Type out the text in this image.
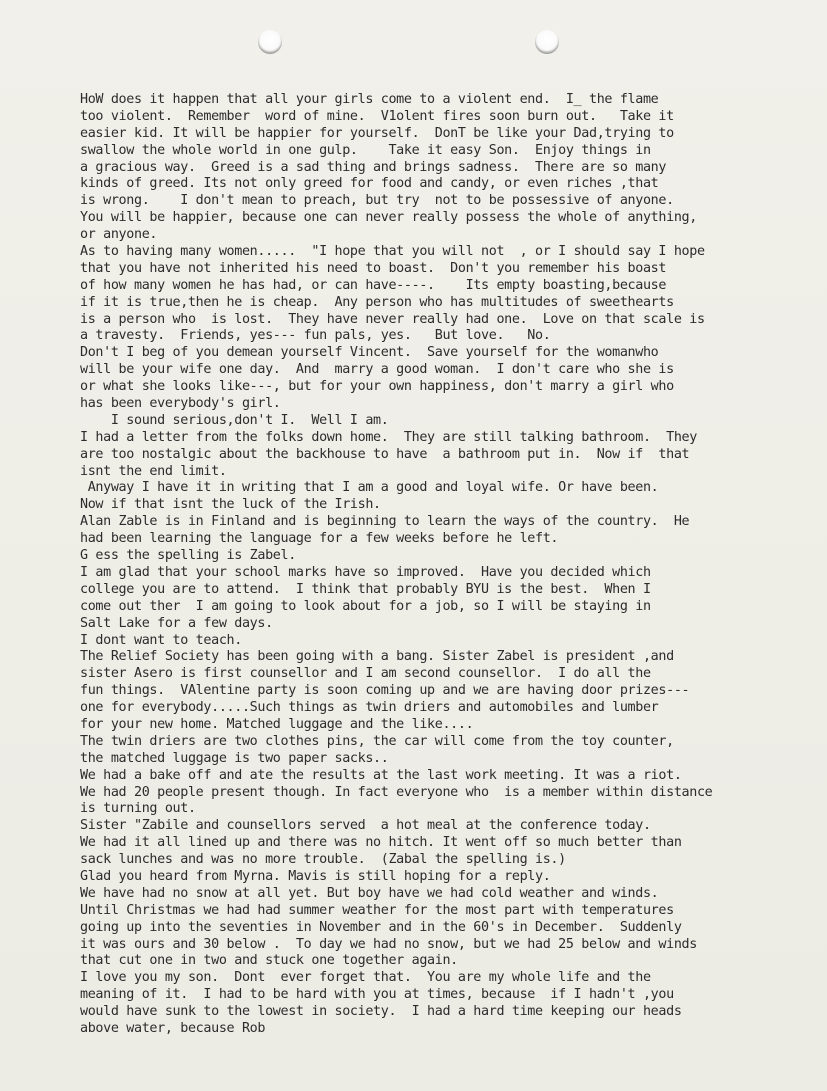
HoW does it happen that all your girls come to a violent end.  I_ the flame
too violent.  Remember  word of mine.  V1olent fires soon burn out.   Take it
easier kid. It will be happier for yourself.  DonT be like your Dad,trying to
swallow the whole world in one gulp.    Take it easy Son.  Enjoy things in
a gracious way.  Greed is a sad thing and brings sadness.  There are so many
kinds of greed. Its not only greed for food and candy, or even riches ,that
is wrong.    I don't mean to preach, but try  not to be possessive of anyone.
You will be happier, because one can never really possess the whole of anything,
or anyone.
As to having many women.....  "I hope that you will not  , or I should say I hope
that you have not inherited his need to boast.  Don't you remember his boast
of how many women he has had, or can have----.    Its empty boasting,because
if it is true,then he is cheap.  Any person who has multitudes of sweethearts
is a person who  is lost.  They have never really had one.  Love on that scale is
a travesty.  Friends, yes--- fun pals, yes.   But love.   No.
Don't I beg of you demean yourself Vincent.  Save yourself for the womanwho
will be your wife one day.  And  marry a good woman.  I don't care who she is
or what she looks like---, but for your own happiness, don't marry a girl who
has been everybody's girl.
I sound serious,don't I.  Well I am.
I had a letter from the folks down home.  They are still talking bathroom.  They
are too nostalgic about the backhouse to have  a bathroom put in.  Now if  that
isnt the end limit.
Anyway I have it in writing that I am a good and loyal wife. Or have been.
Now if that isnt the luck of the Irish.
Alan Zable is in Finland and is beginning to learn the ways of the country.  He
had been learning the language for a few weeks before he left.
G ess the spelling is Zabel.
I am glad that your school marks have so improved.  Have you decided which
college you are to attend.  I think that probably BYU is the best.  When I
come out ther  I am going to look about for a job, so I will be staying in
Salt Lake for a few days.
I dont want to teach.
The Relief Society has been going with a bang. Sister Zabel is president ,and
sister Asero is first counsellor and I am second counsellor.  I do all the
fun things.  VAlentine party is soon coming up and we are having door prizes---
one for everybody.....Such things as twin driers and automobiles and lumber
for your new home. Matched luggage and the like....
The twin driers are two clothes pins, the car will come from the toy counter,
the matched luggage is two paper sacks..
We had a bake off and ate the results at the last work meeting. It was a riot.
We had 20 people present though. In fact everyone who  is a member within distance
is turning out.
Sister "Zabile and counsellors served  a hot meal at the conference today.
We had it all lined up and there was no hitch. It went off so much better than
sack lunches and was no more trouble.  (Zabal the spelling is.)
Glad you heard from Myrna. Mavis is still hoping for a reply.
We have had no snow at all yet. But boy have we had cold weather and winds.
Until Christmas we had had summer weather for the most part with temperatures
going up into the seventies in November and in the 60's in December.  Suddenly
it was ours and 30 below .  To day we had no snow, but we had 25 below and winds
that cut one in two and stuck one together again.
I love you my son.  Dont  ever forget that.  You are my whole life and the
meaning of it.  I had to be hard with you at times, because  if I hadn't ,you
would have sunk to the lowest in society.  I had a hard time keeping our heads
above water, because Rob
